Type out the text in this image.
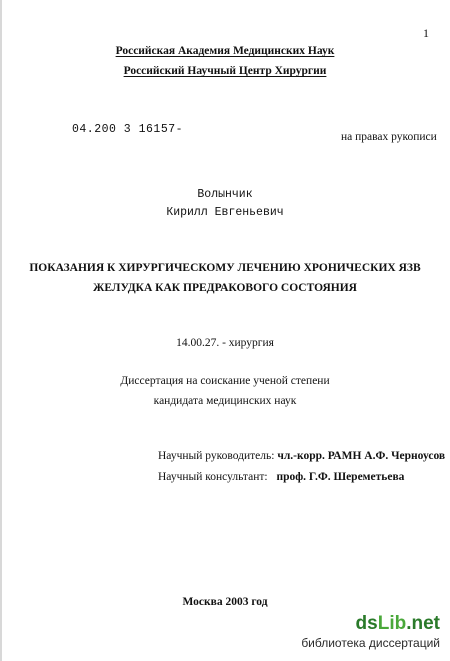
1
Российская Академия Медицинских Наук
Российский Научный Центр Хирургии
04.200 3 16157-
на правах рукописи
Волынчик
Кирилл Евгеньевич
ПОКАЗАНИЯ К ХИРУРГИЧЕСКОМУ ЛЕЧЕНИЮ ХРОНИЧЕСКИХ ЯЗВ
ЖЕЛУДКА КАК ПРЕДРАКОВОГО СОСТОЯНИЯ
14.00.27. - хирургия
Диссертация на соискание ученой степени
кандидата медицинских наук
Научный руководитель: чл.-корр. РАМН А.Ф. Черноусов
Научный консультант: проф. Г.Ф. Шереметьева
Москва 2003 год
dsLib.net
библиотека диссертаций
